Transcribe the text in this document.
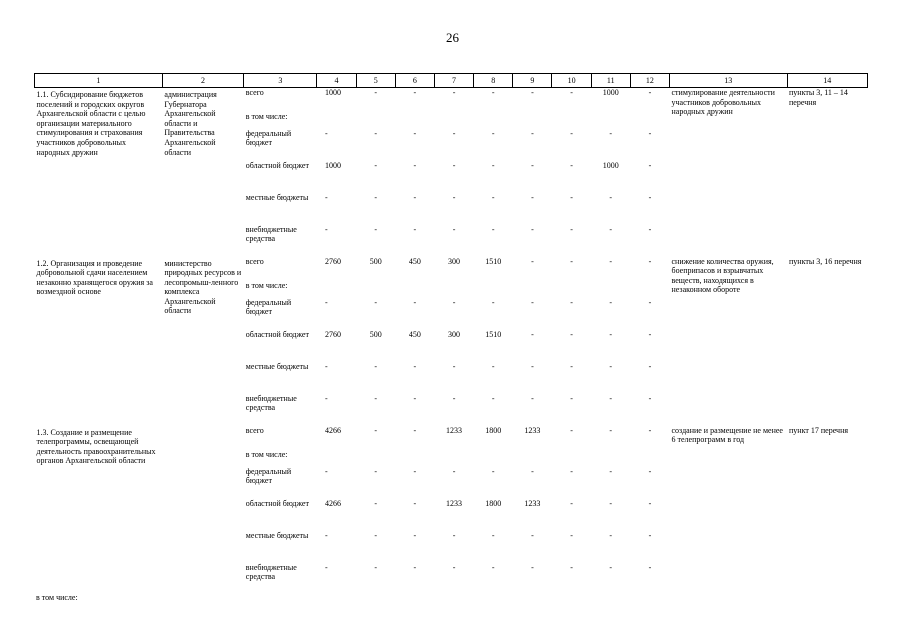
26
1	2	3	4	5	6	7	8	9	10	11	12	13	14
1.1. Субсидирование бюджетов поселений и городских округов Архангельской области с целью организации материального стимулирования и страхования участников добровольных народных дружин	администрация Губернатора Архангельской области и Правительства Архангельской области	всего	1000	-	-	-	-	-	-	1000	-	стимулирование деятельности участников добровольных народных дружин	пункты 3, 11 – 14 перечня
		в том числе:											
		федеральный бюджет	-	-	-	-	-	-	-	-	-		
		областной бюджет	1000	-	-	-	-	-	-	1000	-		
		местные бюджеты	-	-	-	-	-	-	-	-	-		
		внебюджетные средства	-	-	-	-	-	-	-	-	-		
1.2. Организация и проведение добровольной сдачи населением незаконно хранящегося оружия за возмездной основе	министерство природных ресурсов и лесопромыш-ленного комплекса Архангельской области	всего	2760	500	450	300	1510	-	-	-	-	снижение количества оружия, боеприпасов и взрывчатых веществ, находящихся в незаконном обороте	пункты 3, 16 перечня
		в том числе:											
		федеральный бюджет	-	-	-	-	-	-	-	-	-		
		областной бюджет	2760	500	450	300	1510	-	-	-	-		
		местные бюджеты	-	-	-	-	-	-	-	-	-		
		внебюджетные средства	-	-	-	-	-	-	-	-	-		
1.3. Создание и размещение телепрограммы, освещающей деятельность правоохранительных органов Архангельской области		всего	4266	-	-	1233	1800	1233	-	-	-	создание и размещение не менее 6 телепрограмм в год	пункт 17 перечня
		в том числе:											
		федеральный бюджет	-	-	-	-	-	-	-	-	-		
		областной бюджет	4266	-	-	1233	1800	1233	-	-	-		
		местные бюджеты	-	-	-	-	-	-	-	-	-		
		внебюджетные средства	-	-	-	-	-	-	-	-	-		
в том числе:
